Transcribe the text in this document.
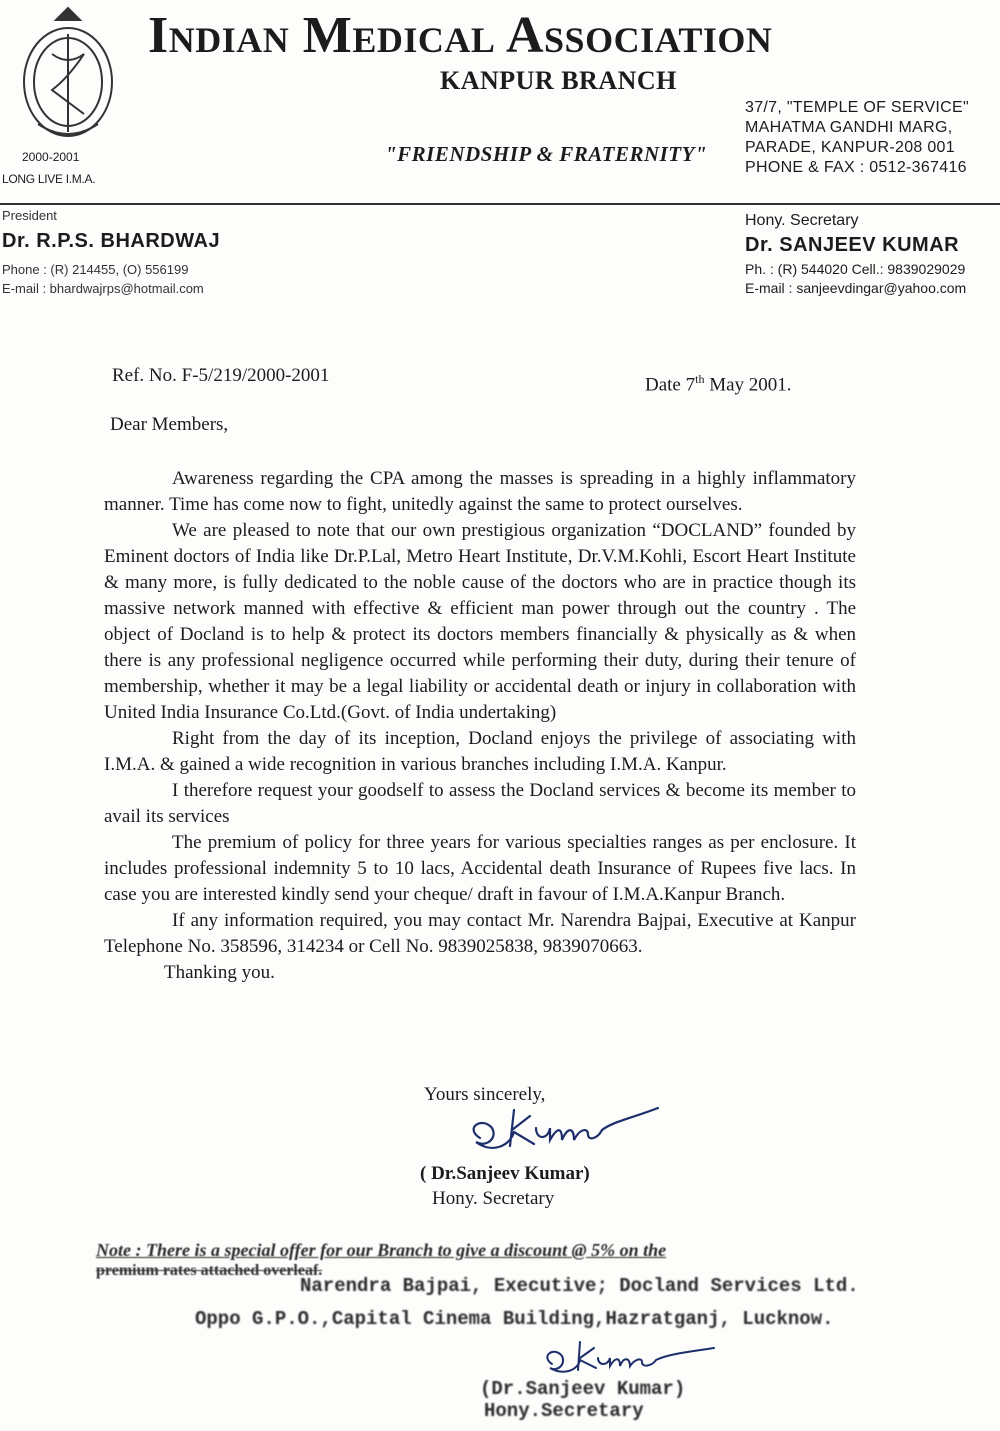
2000-2001
LONG LIVE I.M.A.
Indian Medical Association
KANPUR BRANCH
"FRIENDSHIP & FRATERNITY"
37/7, "TEMPLE OF SERVICE"
MAHATMA GANDHI MARG,
PARADE, KANPUR-208 001
PHONE & FAX : 0512-367416
President
Dr. R.P.S. BHARDWAJ
Phone : (R) 214455, (O) 556199
E-mail : bhardwajrps@hotmail.com
Hony. Secretary
Dr. SANJEEV KUMAR
Ph. : (R) 544020 Cell.: 9839029029
E-mail : sanjeevdingar@yahoo.com
Ref. No. F-5/219/2000-2001	Date 7th May 2001.
Dear Members,

Awareness regarding the CPA among the masses is spreading in a highly inflammatory manner. Time has come now to fight, unitedly against the same to protect ourselves.

We are pleased to note that our own prestigious organization “DOCLAND” founded by Eminent doctors of India like Dr.P.Lal, Metro Heart Institute, Dr.V.M.Kohli, Escort Heart Institute & many more, is fully dedicated to the noble cause of the doctors who are in practice though its massive network manned with effective & efficient man power through out the country . The object of Docland is to help & protect its doctors members financially & physically as & when there is any professional negligence occurred while performing their duty, during their tenure of membership, whether it may be a legal liability or accidental death or injury in collaboration with United India Insurance Co.Ltd.(Govt. of India undertaking)

Right from the day of its inception, Docland enjoys the privilege of associating with I.M.A. & gained a wide recognition in various branches including I.M.A. Kanpur.

I therefore request your goodself to assess the Docland services & become its member to avail its services

The premium of policy for three years for various specialties ranges as per enclosure. It includes professional indemnity 5 to 10 lacs, Accidental death Insurance of Rupees five lacs. In case you are interested kindly send your cheque/ draft in favour of I.M.A.Kanpur Branch.

If any information required, you may contact Mr. Narendra Bajpai, Executive at Kanpur Telephone No. 358596, 314234 or Cell No. 9839025838, 9839070663.

Thanking you.

Yours sincerely,
( Dr.Sanjeev Kumar)
Hony. Secretary
Note : There is a special offer for our Branch to give a discount @ 5% on the
premium rates attached overleaf.
Narendra Bajpai, Executive; Docland Services Ltd.
Oppo G.P.O.,Capital Cinema Building,Hazratganj, Lucknow.
(Dr.Sanjeev Kumar)
Hony.Secretary
